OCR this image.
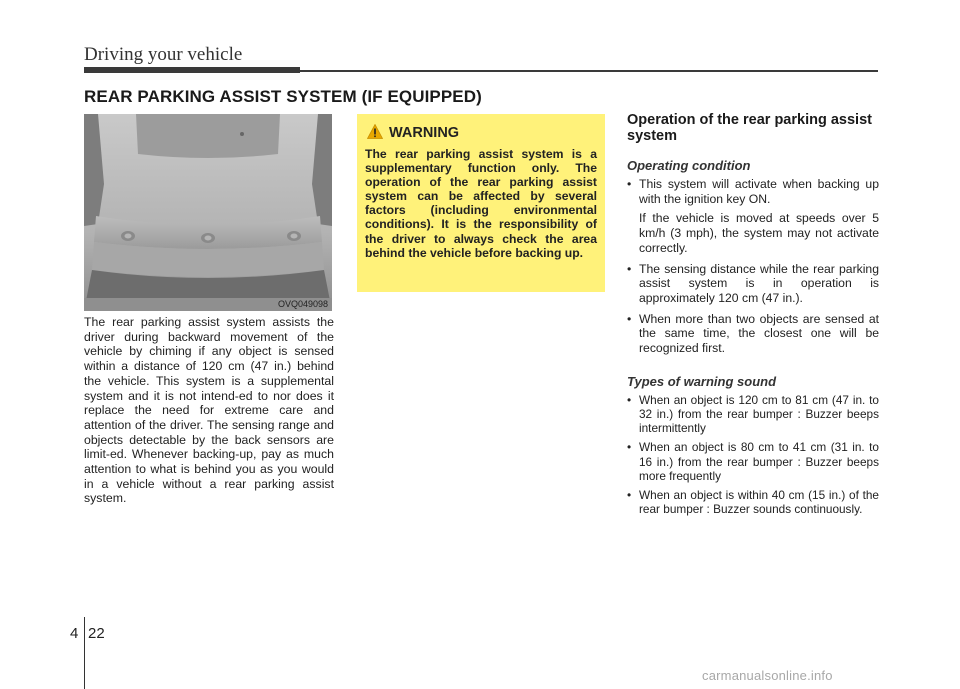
Driving your vehicle
REAR PARKING ASSIST SYSTEM (IF EQUIPPED)
OVQ049098
The rear parking assist system assists the driver during backward movement of the vehicle by chiming if any object is sensed within a distance of 120 cm (47 in.) behind the vehicle. This system is a supplemental system and it is not intend-ed to nor does it replace the need for extreme care and attention of the driver. The sensing range and objects detectable by the back sensors are limit-ed. Whenever backing-up, pay as much attention to what is behind you as you would in a vehicle without a rear parking assist system.
WARNING
The rear parking assist system is a supplementary function only. The operation of the rear parking assist system can be affected by several factors (including environmental conditions). It is the responsibility of the driver to always check the area behind the vehicle before backing up.
Operation of the rear parking assist system
Operating condition
• This system will activate when backing up with the ignition key ON.
If the vehicle is moved at speeds over 5 km/h (3 mph), the system may not activate correctly.
• The sensing distance while the rear parking assist system is in operation is approximately 120 cm (47 in.).
• When more than two objects are sensed at the same time, the closest one will be recognized first.
Types of warning sound
• When an object is 120 cm to 81 cm (47 in. to 32 in.) from the rear bumper : Buzzer beeps intermittently
• When an object is 80 cm to 41 cm (31 in. to 16 in.) from the rear bumper : Buzzer beeps more frequently
• When an object is within 40 cm (15 in.) of the rear bumper : Buzzer sounds continuously.
4 22
carmanualsonline.info
